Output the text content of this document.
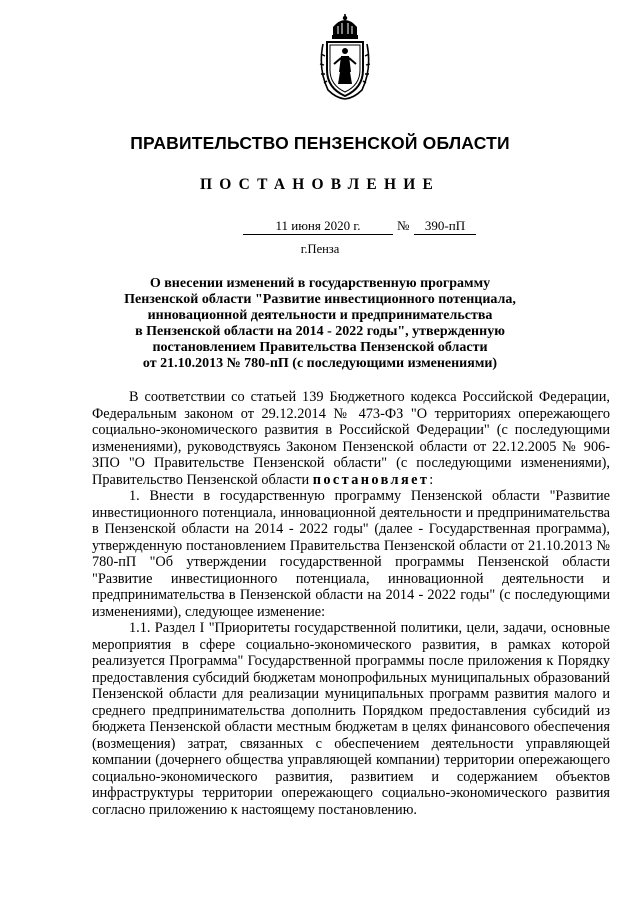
ПРАВИТЕЛЬСТВО ПЕНЗЕНСКОЙ ОБЛАСТИ
ПОСТАНОВЛЕНИЕ
11 июня 2020 г.	№	390-пП
г.Пенза
О внесении изменений в государственную программу
Пензенской области "Развитие инвестиционного потенциала,
инновационной деятельности и предпринимательства
в Пензенской области на 2014 - 2022 годы", утвержденную
постановлением Правительства Пензенской области
от 21.10.2013 № 780-пП (с последующими изменениями)

В соответствии со статьей 139 Бюджетного кодекса Российской Федерации, Федеральным законом от 29.12.2014 № 473-ФЗ "О территориях опережающего социально-экономического развития в Российской Федерации" (с последующими изменениями), руководствуясь Законом Пензенской области от 22.12.2005 № 906-ЗПО "О Правительстве Пензенской области" (с последующими изменениями), Правительство Пензенской области постановляет:

1. Внести в государственную программу Пензенской области "Развитие инвестиционного потенциала, инновационной деятельности и предпринимательства в Пензенской области на 2014 - 2022 годы" (далее - Государственная программа), утвержденную постановлением Правительства Пензенской области от 21.10.2013 № 780-пП "Об утверждении государственной программы Пензенской области "Развитие инвестиционного потенциала, инновационной деятельности и предпринимательства в Пензенской области на 2014 - 2022 годы" (с последующими изменениями), следующее изменение:

1.1. Раздел I "Приоритеты государственной политики, цели, задачи, основные мероприятия в сфере социально-экономического развития, в рамках которой реализуется Программа" Государственной программы после приложения к Порядку предоставления субсидий бюджетам монопрофильных муниципальных образований Пензенской области для реализации муниципальных программ развития малого и среднего предпринимательства дополнить Порядком предоставления субсидий из бюджета Пензенской области местным бюджетам в целях финансового обеспечения (возмещения) затрат, связанных с обеспечением деятельности управляющей компании (дочернего общества управляющей компании) территории опережающего социально-экономического развития, развитием и содержанием объектов инфраструктуры территории опережающего социально-экономического развития согласно приложению к настоящему постановлению.
